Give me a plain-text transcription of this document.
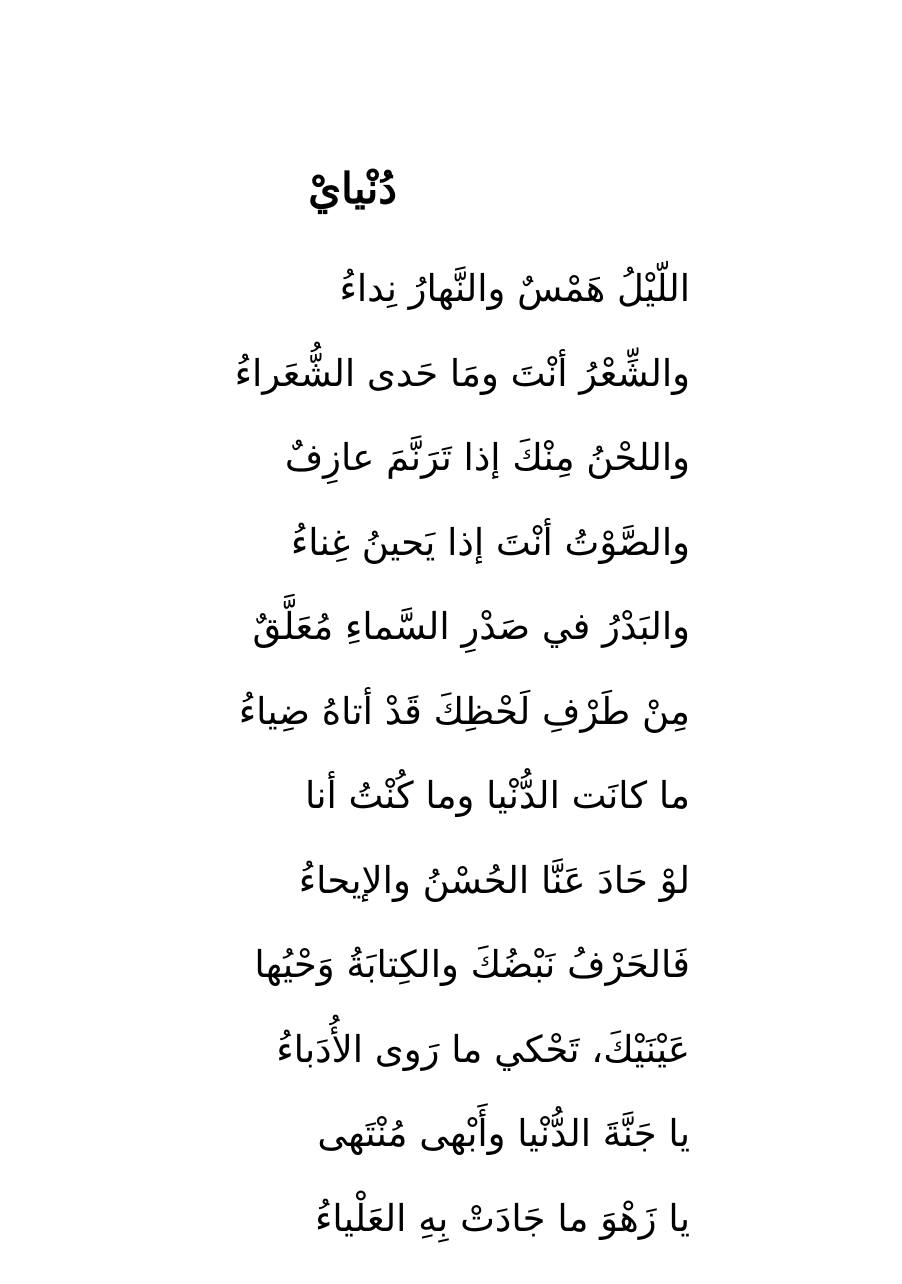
دُنْيايْ
اللّيْلُ هَمْسٌ والنَّهارُ نِداءُ
والشِّعْرُ أنْتَ ومَا حَدى الشُّعَراءُ
واللحْنُ مِنْكَ إذا تَرَنَّمَ عازِفٌ
والصَّوْتُ أنْتَ إذا يَحينُ غِناءُ
والبَدْرُ في صَدْرِ السَّماءِ مُعَلَّقٌ
مِنْ طَرْفِ لَحْظِكَ قَدْ أتاهُ ضِياءُ
ما كانَت الدُّنْيا وما كُنْتُ أنا
لوْ حَادَ عَنَّا الحُسْنُ والإيحاءُ
فَالحَرْفُ نَبْضُكَ والكِتابَةُ وَحْيُها
عَيْنَيْكَ، تَحْكي ما رَوى الأُدَباءُ
يا جَنَّةَ الدُّنْيا وأَبْهى مُنْتَهى
يا زَهْوَ ما جَادَتْ بِهِ العَلْياءُ
